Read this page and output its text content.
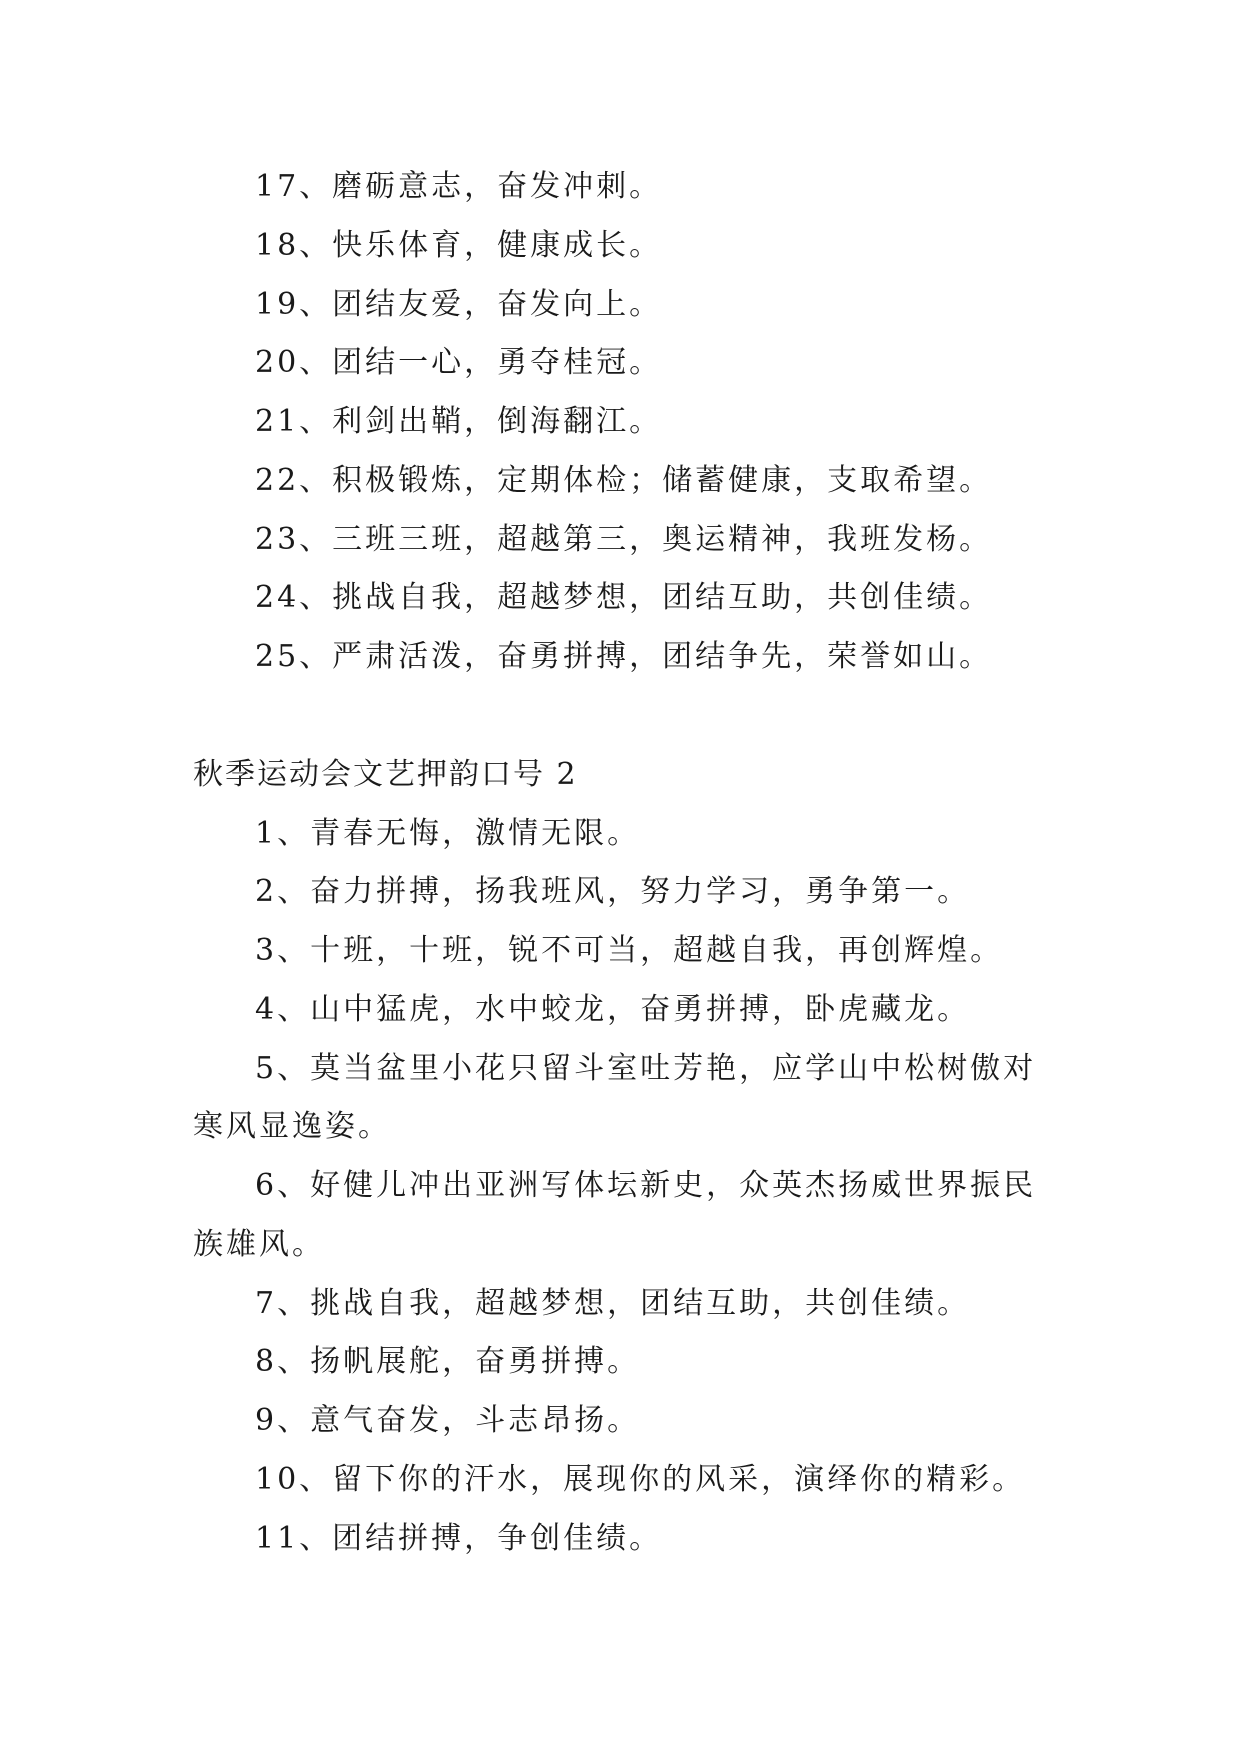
17、磨砺意志，奋发冲刺。
18、快乐体育，健康成长。
19、团结友爱，奋发向上。
20、团结一心，勇夺桂冠。
21、利剑出鞘，倒海翻江。
22、积极锻炼，定期体检；储蓄健康，支取希望。
23、三班三班，超越第三，奥运精神，我班发杨。
24、挑战自我，超越梦想，团结互助，共创佳绩。
25、严肃活泼，奋勇拼搏，团结争先，荣誉如山。
秋季运动会文艺押韵口号 2
1、青春无悔，激情无限。
2、奋力拼搏，扬我班风，努力学习，勇争第一。
3、十班，十班，锐不可当，超越自我，再创辉煌。
4、山中猛虎，水中蛟龙，奋勇拼搏，卧虎藏龙。
5、莫当盆里小花只留斗室吐芳艳，应学山中松树傲对
寒风显逸姿。
6、好健儿冲出亚洲写体坛新史，众英杰扬威世界振民
族雄风。
7、挑战自我，超越梦想，团结互助，共创佳绩。
8、扬帆展舵，奋勇拼搏。
9、意气奋发，斗志昂扬。
10、留下你的汗水，展现你的风采，演绎你的精彩。
11、团结拼搏，争创佳绩。
